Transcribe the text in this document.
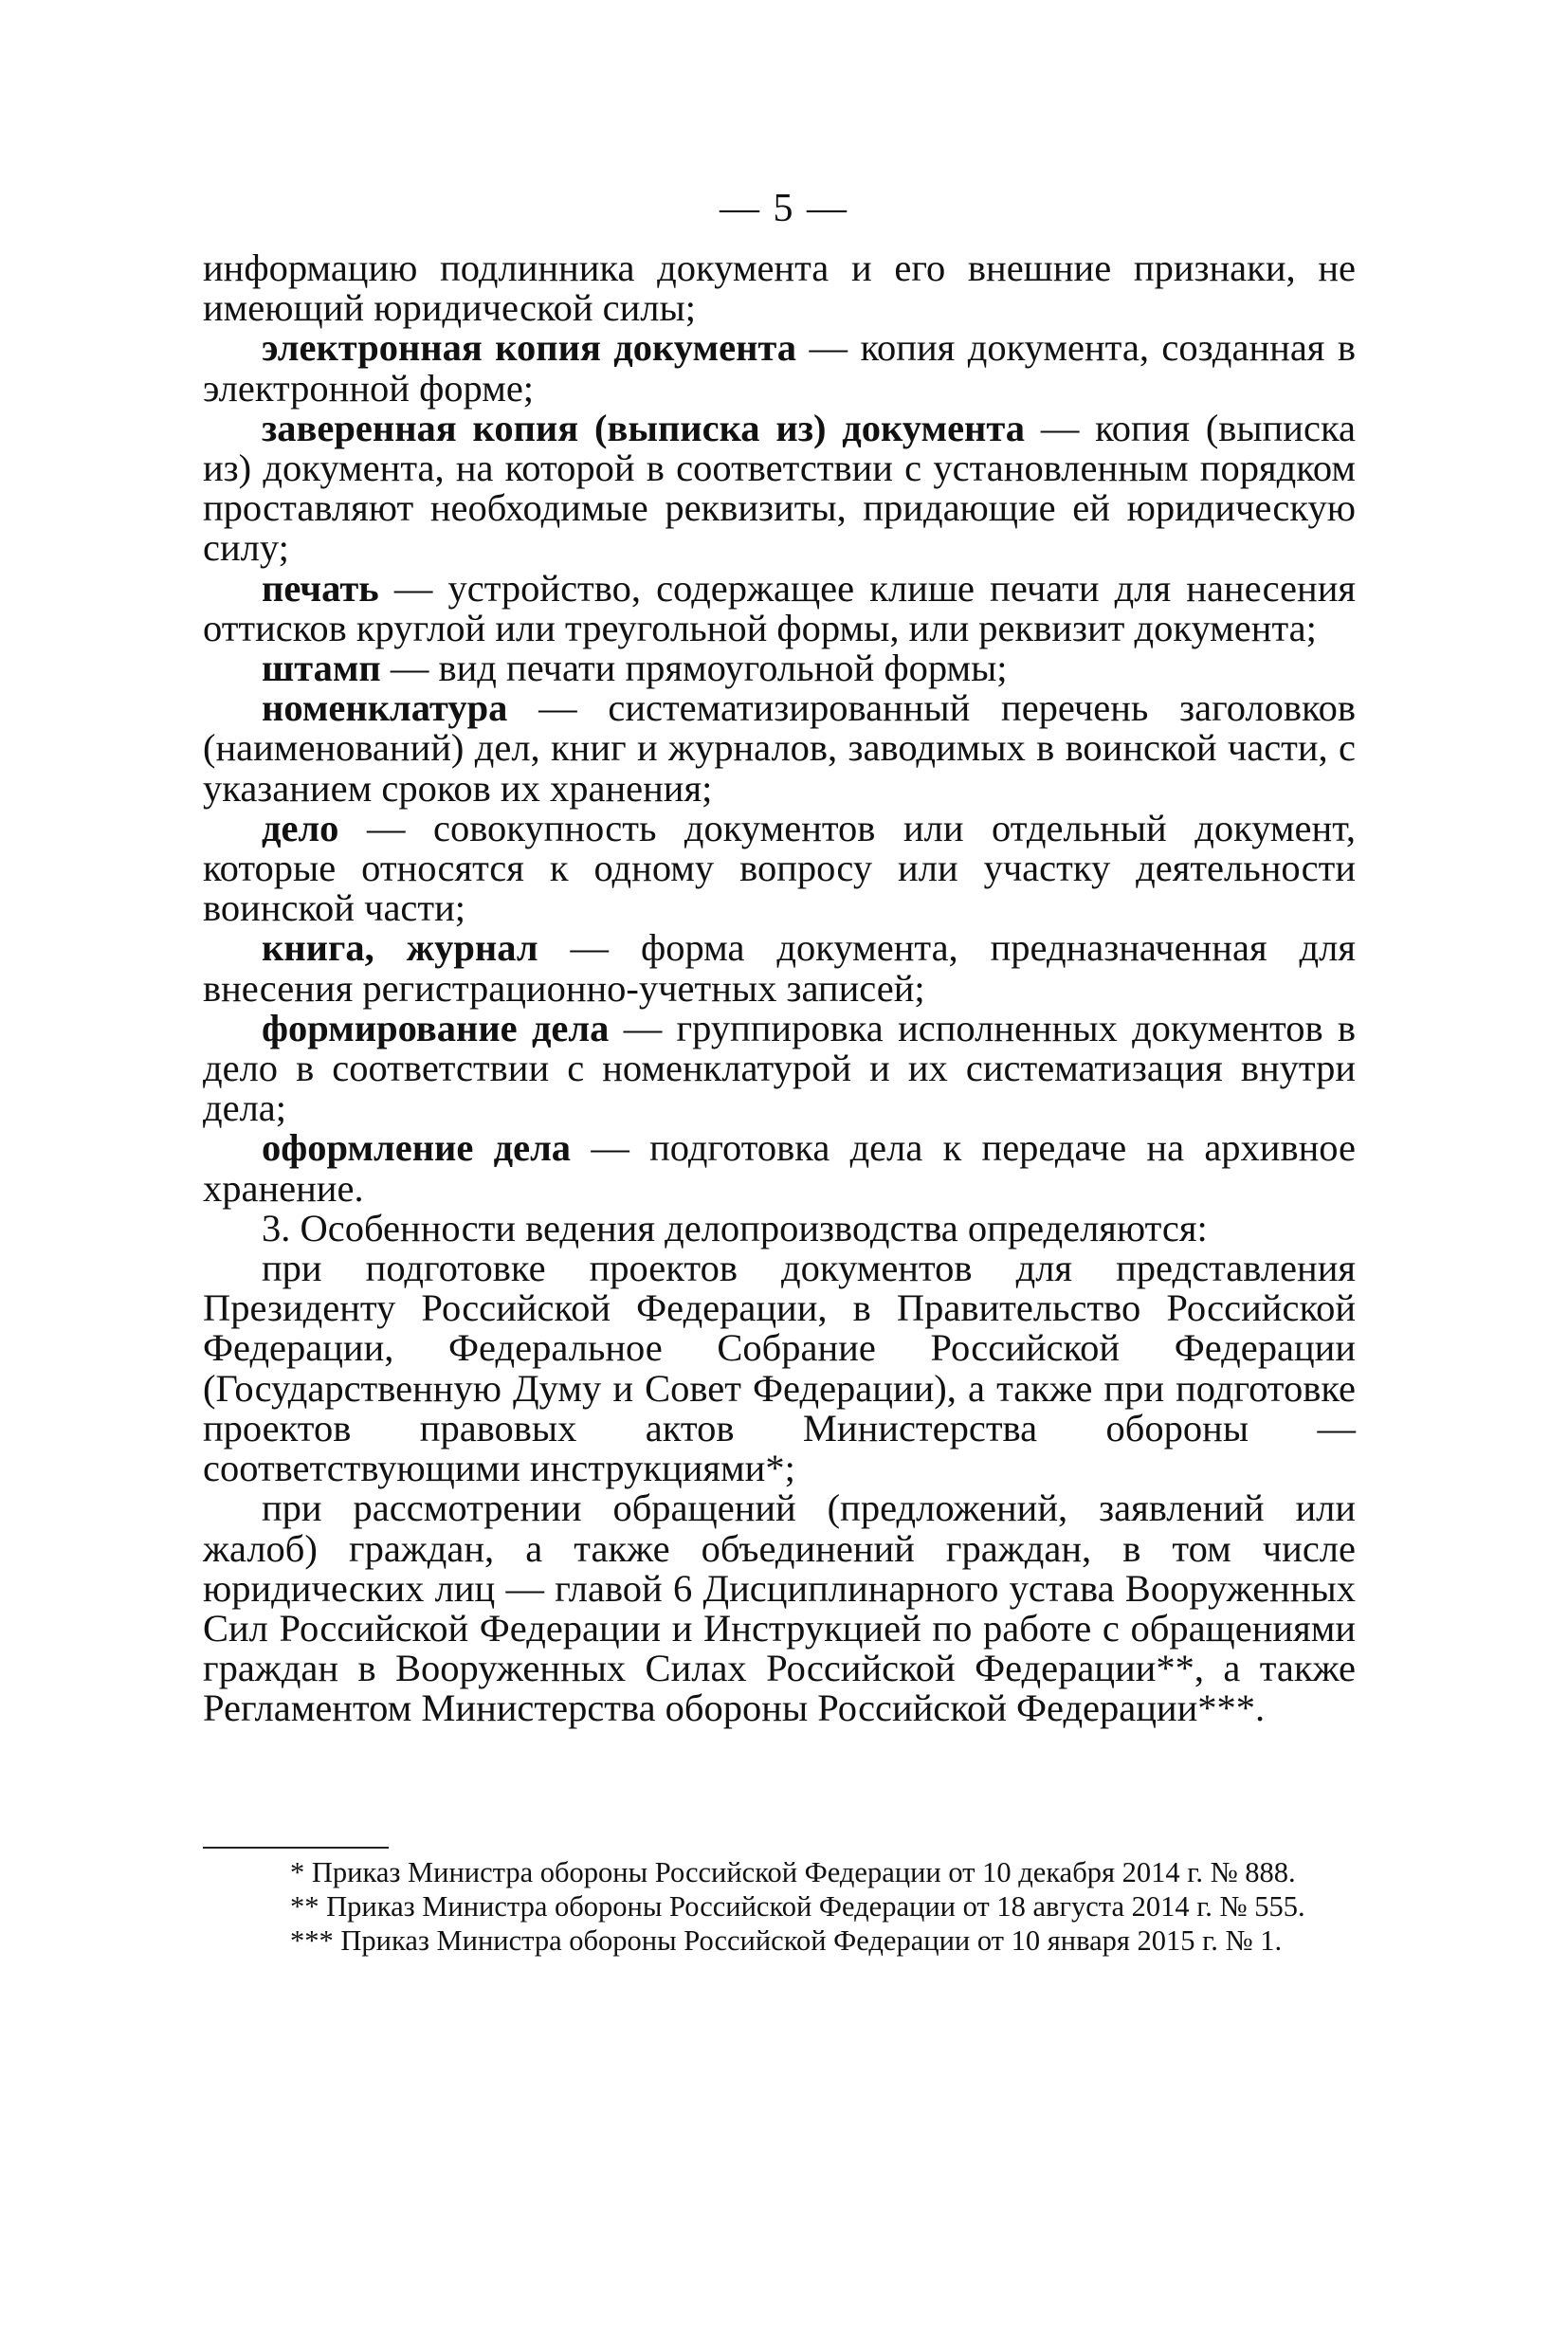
— 5 —

информацию подлинника документа и его внешние признаки, не имеющий юридической силы;

электронная копия документа — копия документа, созданная в электронной форме;

заверенная копия (выписка из) документа — копия (выписка из) документа, на которой в соответствии с установленным порядком проставляют необходимые реквизиты, придающие ей юридическую силу;

печать — устройство, содержащее клише печати для нанесения оттисков круглой или треугольной формы, или реквизит документа;

штамп — вид печати прямоугольной формы;

номенклатура — систематизированный перечень заголовков (наименований) дел, книг и журналов, заводимых в воинской части, с указанием сроков их хранения;

дело — совокупность документов или отдельный документ, которые относятся к одному вопросу или участку деятельности воинской части;

книга, журнал — форма документа, предназначенная для внесения регистрационно-учетных записей;

формирование дела — группировка исполненных документов в дело в соответствии с номенклатурой и их систематизация внутри дела;

оформление дела — подготовка дела к передаче на архивное хранение.

3. Особенности ведения делопроизводства определяются:

при подготовке проектов документов для представления Президенту Российской Федерации, в Правительство Российской Федерации, Федеральное Собрание Российской Федерации (Государственную Думу и Совет Федерации), а также при подготовке проектов правовых актов Министерства обороны — соответствующими инструкциями*;

при рассмотрении обращений (предложений, заявлений или жалоб) граждан, а также объединений граждан, в том числе юридических лиц — главой 6 Дисциплинарного устава Вооруженных Сил Российской Федерации и Инструкцией по работе с обращениями граждан в Вооруженных Силах Российской Федерации**, а также Регламентом Министерства обороны Российской Федерации***.

* Приказ Министра обороны Российской Федерации от 10 декабря 2014 г. № 888.

** Приказ Министра обороны Российской Федерации от 18 августа 2014 г. № 555.

*** Приказ Министра обороны Российской Федерации от 10 января 2015 г. № 1.
